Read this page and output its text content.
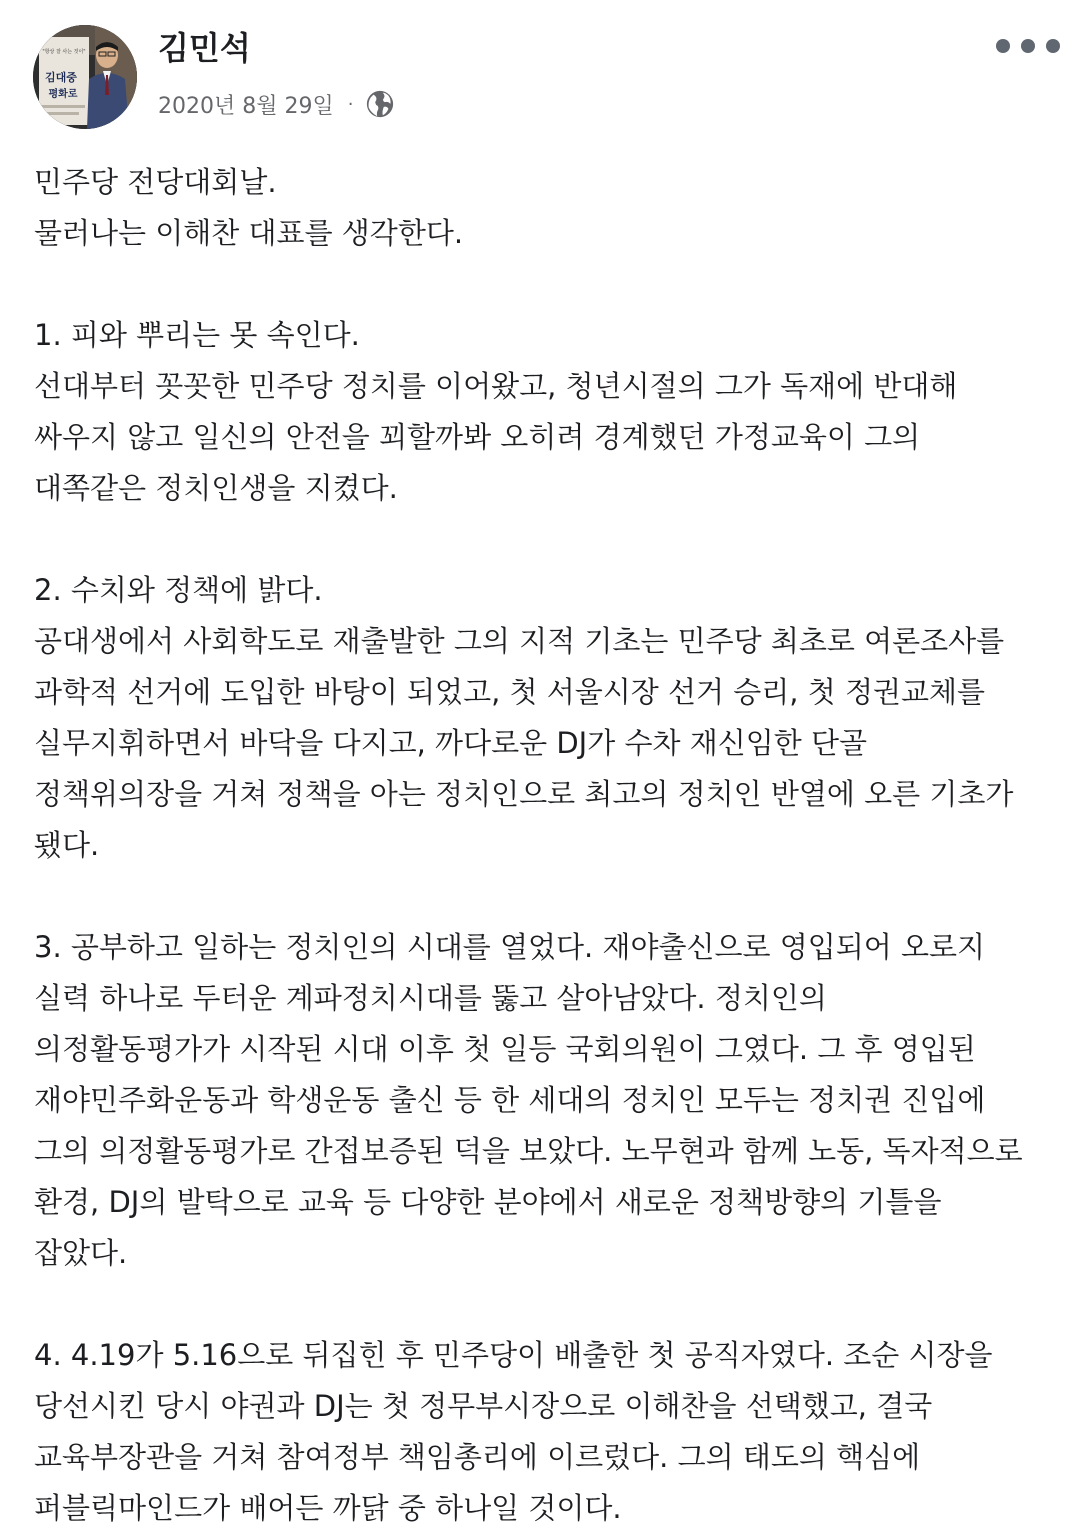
"항상 잘 사는 것이"
김대중
평화로
김민석
2020년 8월 29일 ·

민주당 전당대회날.
물러나는 이해찬 대표를 생각한다.

1. 피와 뿌리는 못 속인다.
선대부터 꼿꼿한 민주당 정치를 이어왔고, 청년시절의 그가 독재에 반대해
싸우지 않고 일신의 안전을 꾀할까봐 오히려 경계했던 가정교육이 그의
대쪽같은 정치인생을 지켰다.

2. 수치와 정책에 밝다.
공대생에서 사회학도로 재출발한 그의 지적 기초는 민주당 최초로 여론조사를
과학적 선거에 도입한 바탕이 되었고, 첫 서울시장 선거 승리, 첫 정권교체를
실무지휘하면서 바닥을 다지고, 까다로운 DJ가 수차 재신임한 단골
정책위의장을 거쳐 정책을 아는 정치인으로 최고의 정치인 반열에 오른 기초가
됐다.

3. 공부하고 일하는 정치인의 시대를 열었다. 재야출신으로 영입되어 오로지
실력 하나로 두터운 계파정치시대를 뚫고 살아남았다. 정치인의
의정활동평가가 시작된 시대 이후 첫 일등 국회의원이 그였다. 그 후 영입된
재야민주화운동과 학생운동 출신 등 한 세대의 정치인 모두는 정치권 진입에
그의 의정활동평가로 간접보증된 덕을 보았다. 노무현과 함께 노동, 독자적으로
환경, DJ의 발탁으로 교육 등 다양한 분야에서 새로운 정책방향의 기틀을
잡았다.

4. 4.19가 5.16으로 뒤집힌 후 민주당이 배출한 첫 공직자였다. 조순 시장을
당선시킨 당시 야권과 DJ는 첫 정무부시장으로 이해찬을 선택했고, 결국
교육부장관을 거쳐 참여정부 책임총리에 이르렀다. 그의 태도의 핵심에
퍼블릭마인드가 배어든 까닭 중 하나일 것이다.
